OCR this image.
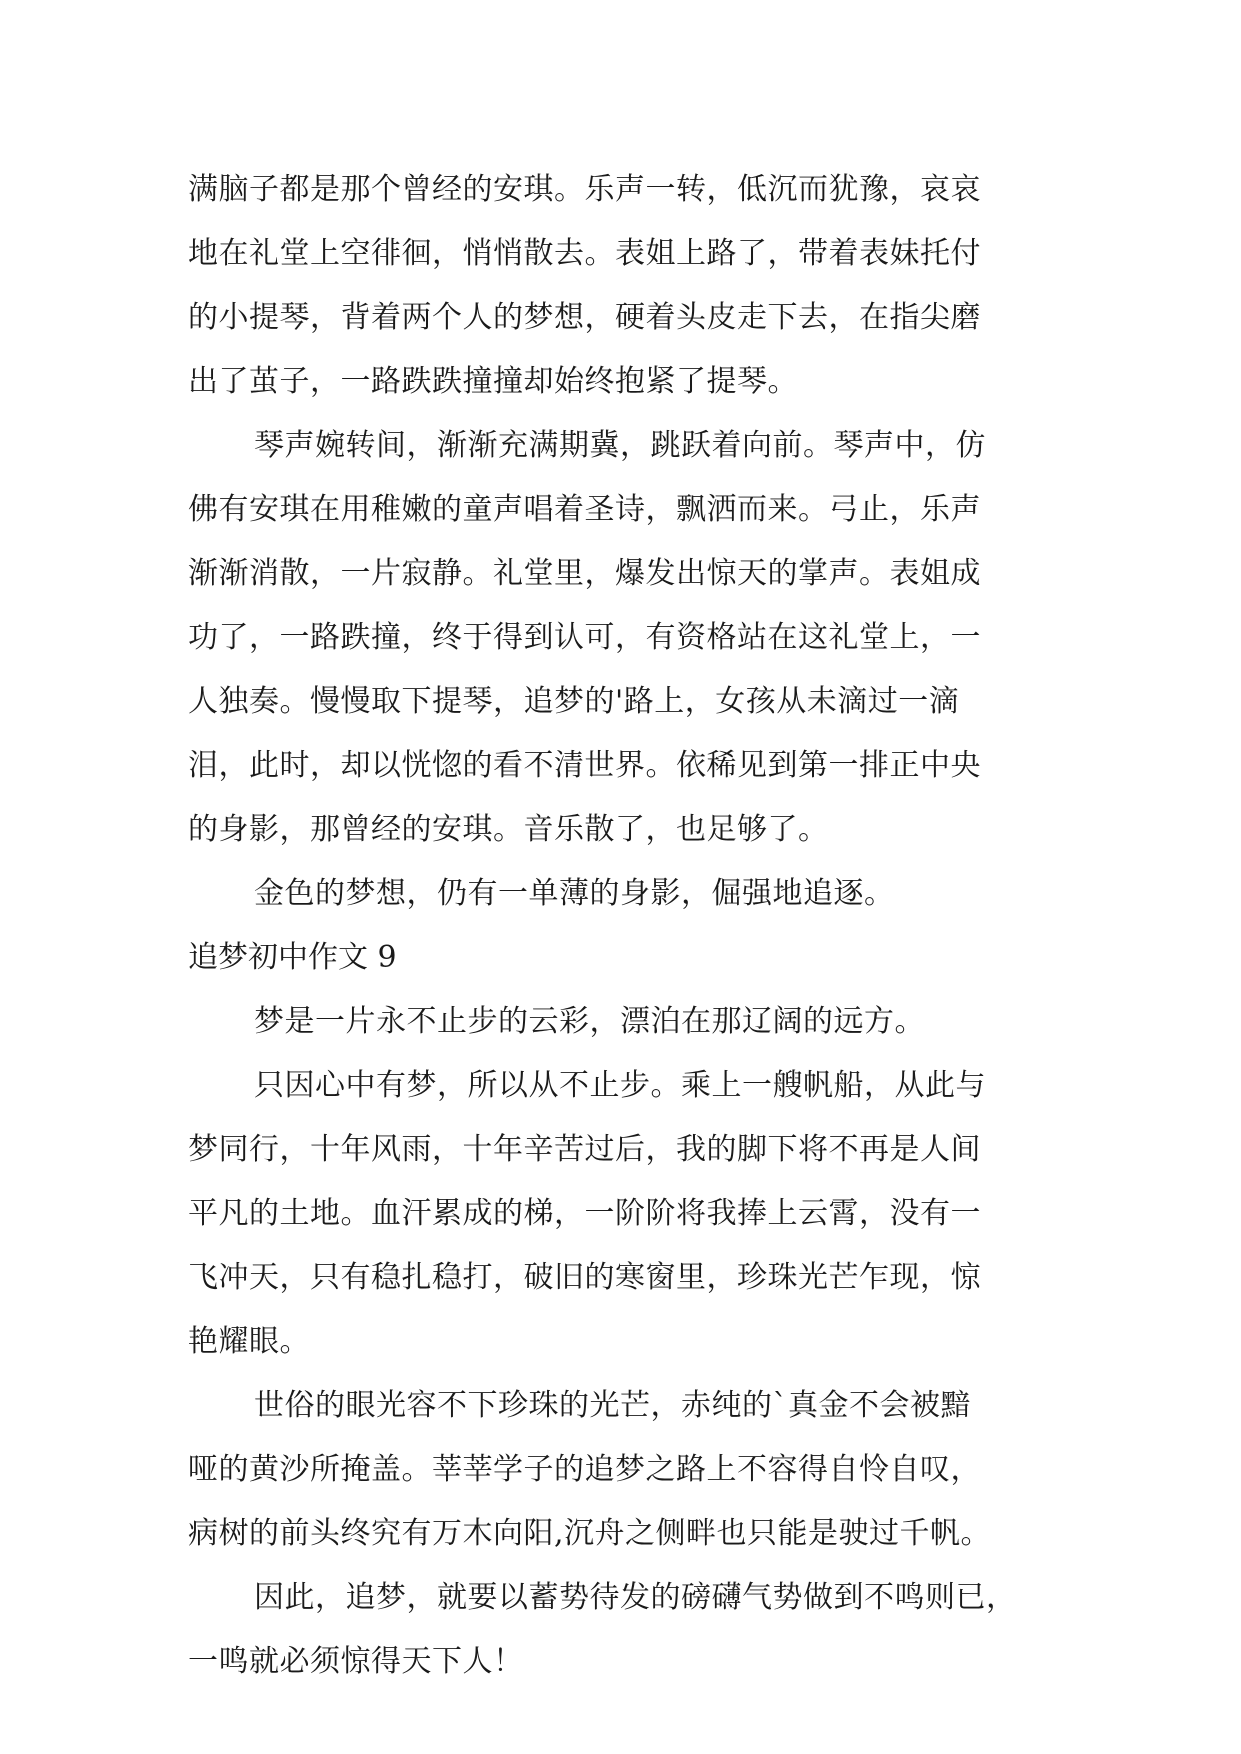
满脑子都是那个曾经的安琪。乐声一转，低沉而犹豫，哀哀
地在礼堂上空徘徊，悄悄散去。表姐上路了，带着表妹托付
的小提琴，背着两个人的梦想，硬着头皮走下去，在指尖磨
出了茧子，一路跌跌撞撞却始终抱紧了提琴。
琴声婉转间，渐渐充满期冀，跳跃着向前。琴声中，仿
佛有安琪在用稚嫩的童声唱着圣诗，飘洒而来。弓止，乐声
渐渐消散，一片寂静。礼堂里，爆发出惊天的掌声。表姐成
功了，一路跌撞，终于得到认可，有资格站在这礼堂上，一
人独奏。慢慢取下提琴，追梦的'路上，女孩从未滴过一滴
泪，此时，却以恍惚的看不清世界。依稀见到第一排正中央
的身影，那曾经的安琪。音乐散了，也足够了。
金色的梦想，仍有一单薄的身影，倔强地追逐。
追梦初中作文 9
梦是一片永不止步的云彩，漂泊在那辽阔的远方。
只因心中有梦，所以从不止步。乘上一艘帆船，从此与
梦同行，十年风雨，十年辛苦过后，我的脚下将不再是人间
平凡的土地。血汗累成的梯，一阶阶将我捧上云霄，没有一
飞冲天，只有稳扎稳打，破旧的寒窗里，珍珠光芒乍现，惊
艳耀眼。
世俗的眼光容不下珍珠的光芒，赤纯的`真金不会被黯
哑的黄沙所掩盖。莘莘学子的追梦之路上不容得自怜自叹，
病树的前头终究有万木向阳,沉舟之侧畔也只能是驶过千帆。
因此，追梦，就要以蓄势待发的磅礴气势做到不鸣则已，
一鸣就必须惊得天下人！
